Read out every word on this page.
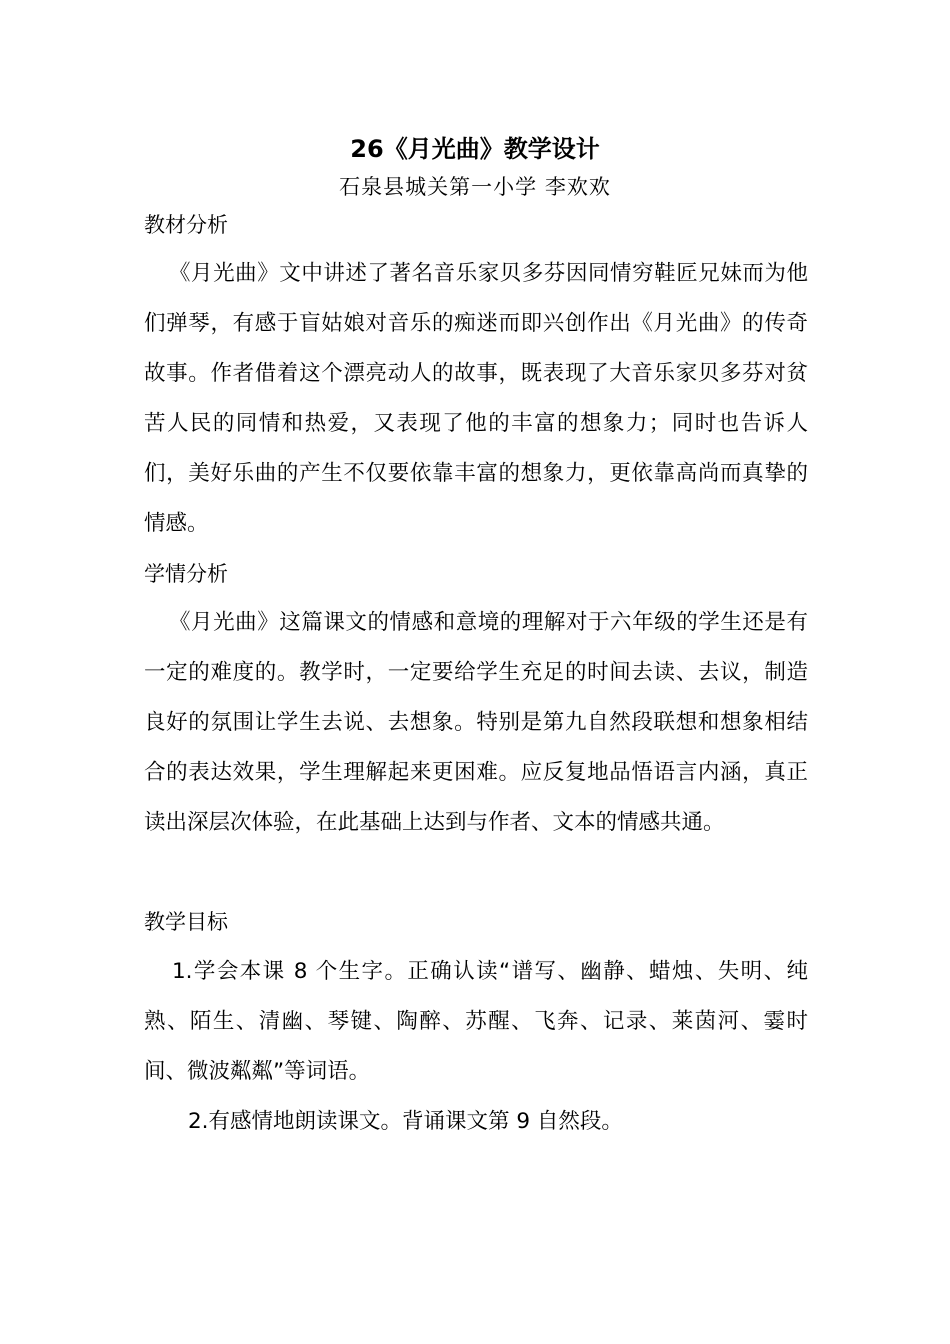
26《月光曲》教学设计
石泉县城关第一小学 李欢欢
教材分析
《月光曲》文中讲述了著名音乐家贝多芬因同情穷鞋匠兄妹而为他们弹琴，有感于盲姑娘对音乐的痴迷而即兴创作出《月光曲》的传奇故事。作者借着这个漂亮动人的故事，既表现了大音乐家贝多芬对贫苦人民的同情和热爱，又表现了他的丰富的想象力；同时也告诉人们，美好乐曲的产生不仅要依靠丰富的想象力，更依靠高尚而真挚的情感。
学情分析
《月光曲》这篇课文的情感和意境的理解对于六年级的学生还是有一定的难度的。教学时，一定要给学生充足的时间去读、去议，制造良好的氛围让学生去说、去想象。特别是第九自然段联想和想象相结合的表达效果，学生理解起来更困难。应反复地品悟语言内涵，真正读出深层次体验，在此基础上达到与作者、文本的情感共通。
教学目标
1.学会本课 8 个生字。正确认读“谱写、幽静、蜡烛、失明、纯熟、陌生、清幽、琴键、陶醉、苏醒、飞奔、记录、莱茵河、霎时间、微波粼粼”等词语。
2.有感情地朗读课文。背诵课文第 9 自然段。
